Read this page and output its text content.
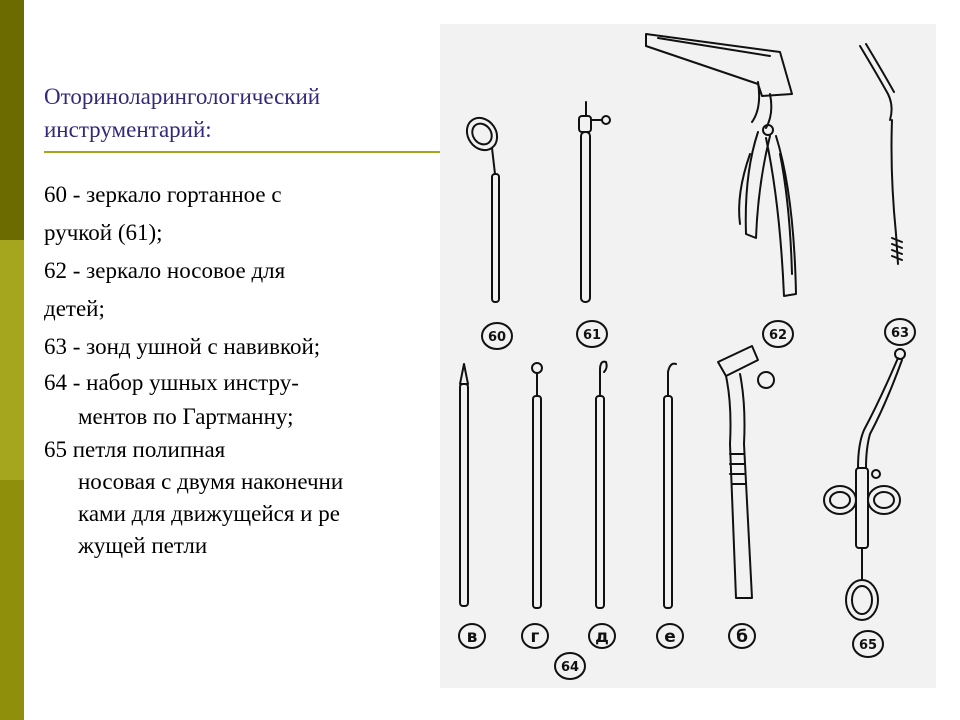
Оториноларингологический
инструментарий:

60 - зеркало гортанное с

ручкой (61);

62 - зеркало носовое для

детей;

63 - зонд ушной с навивкой;

64 - набор ушных инстру-

ментов по Гартманну;

65 петля полипная

носовая с двумя наконечни

ками для движущейся и ре

жущей петли

60	61	62	63
64
65
в	г	д	е	б
